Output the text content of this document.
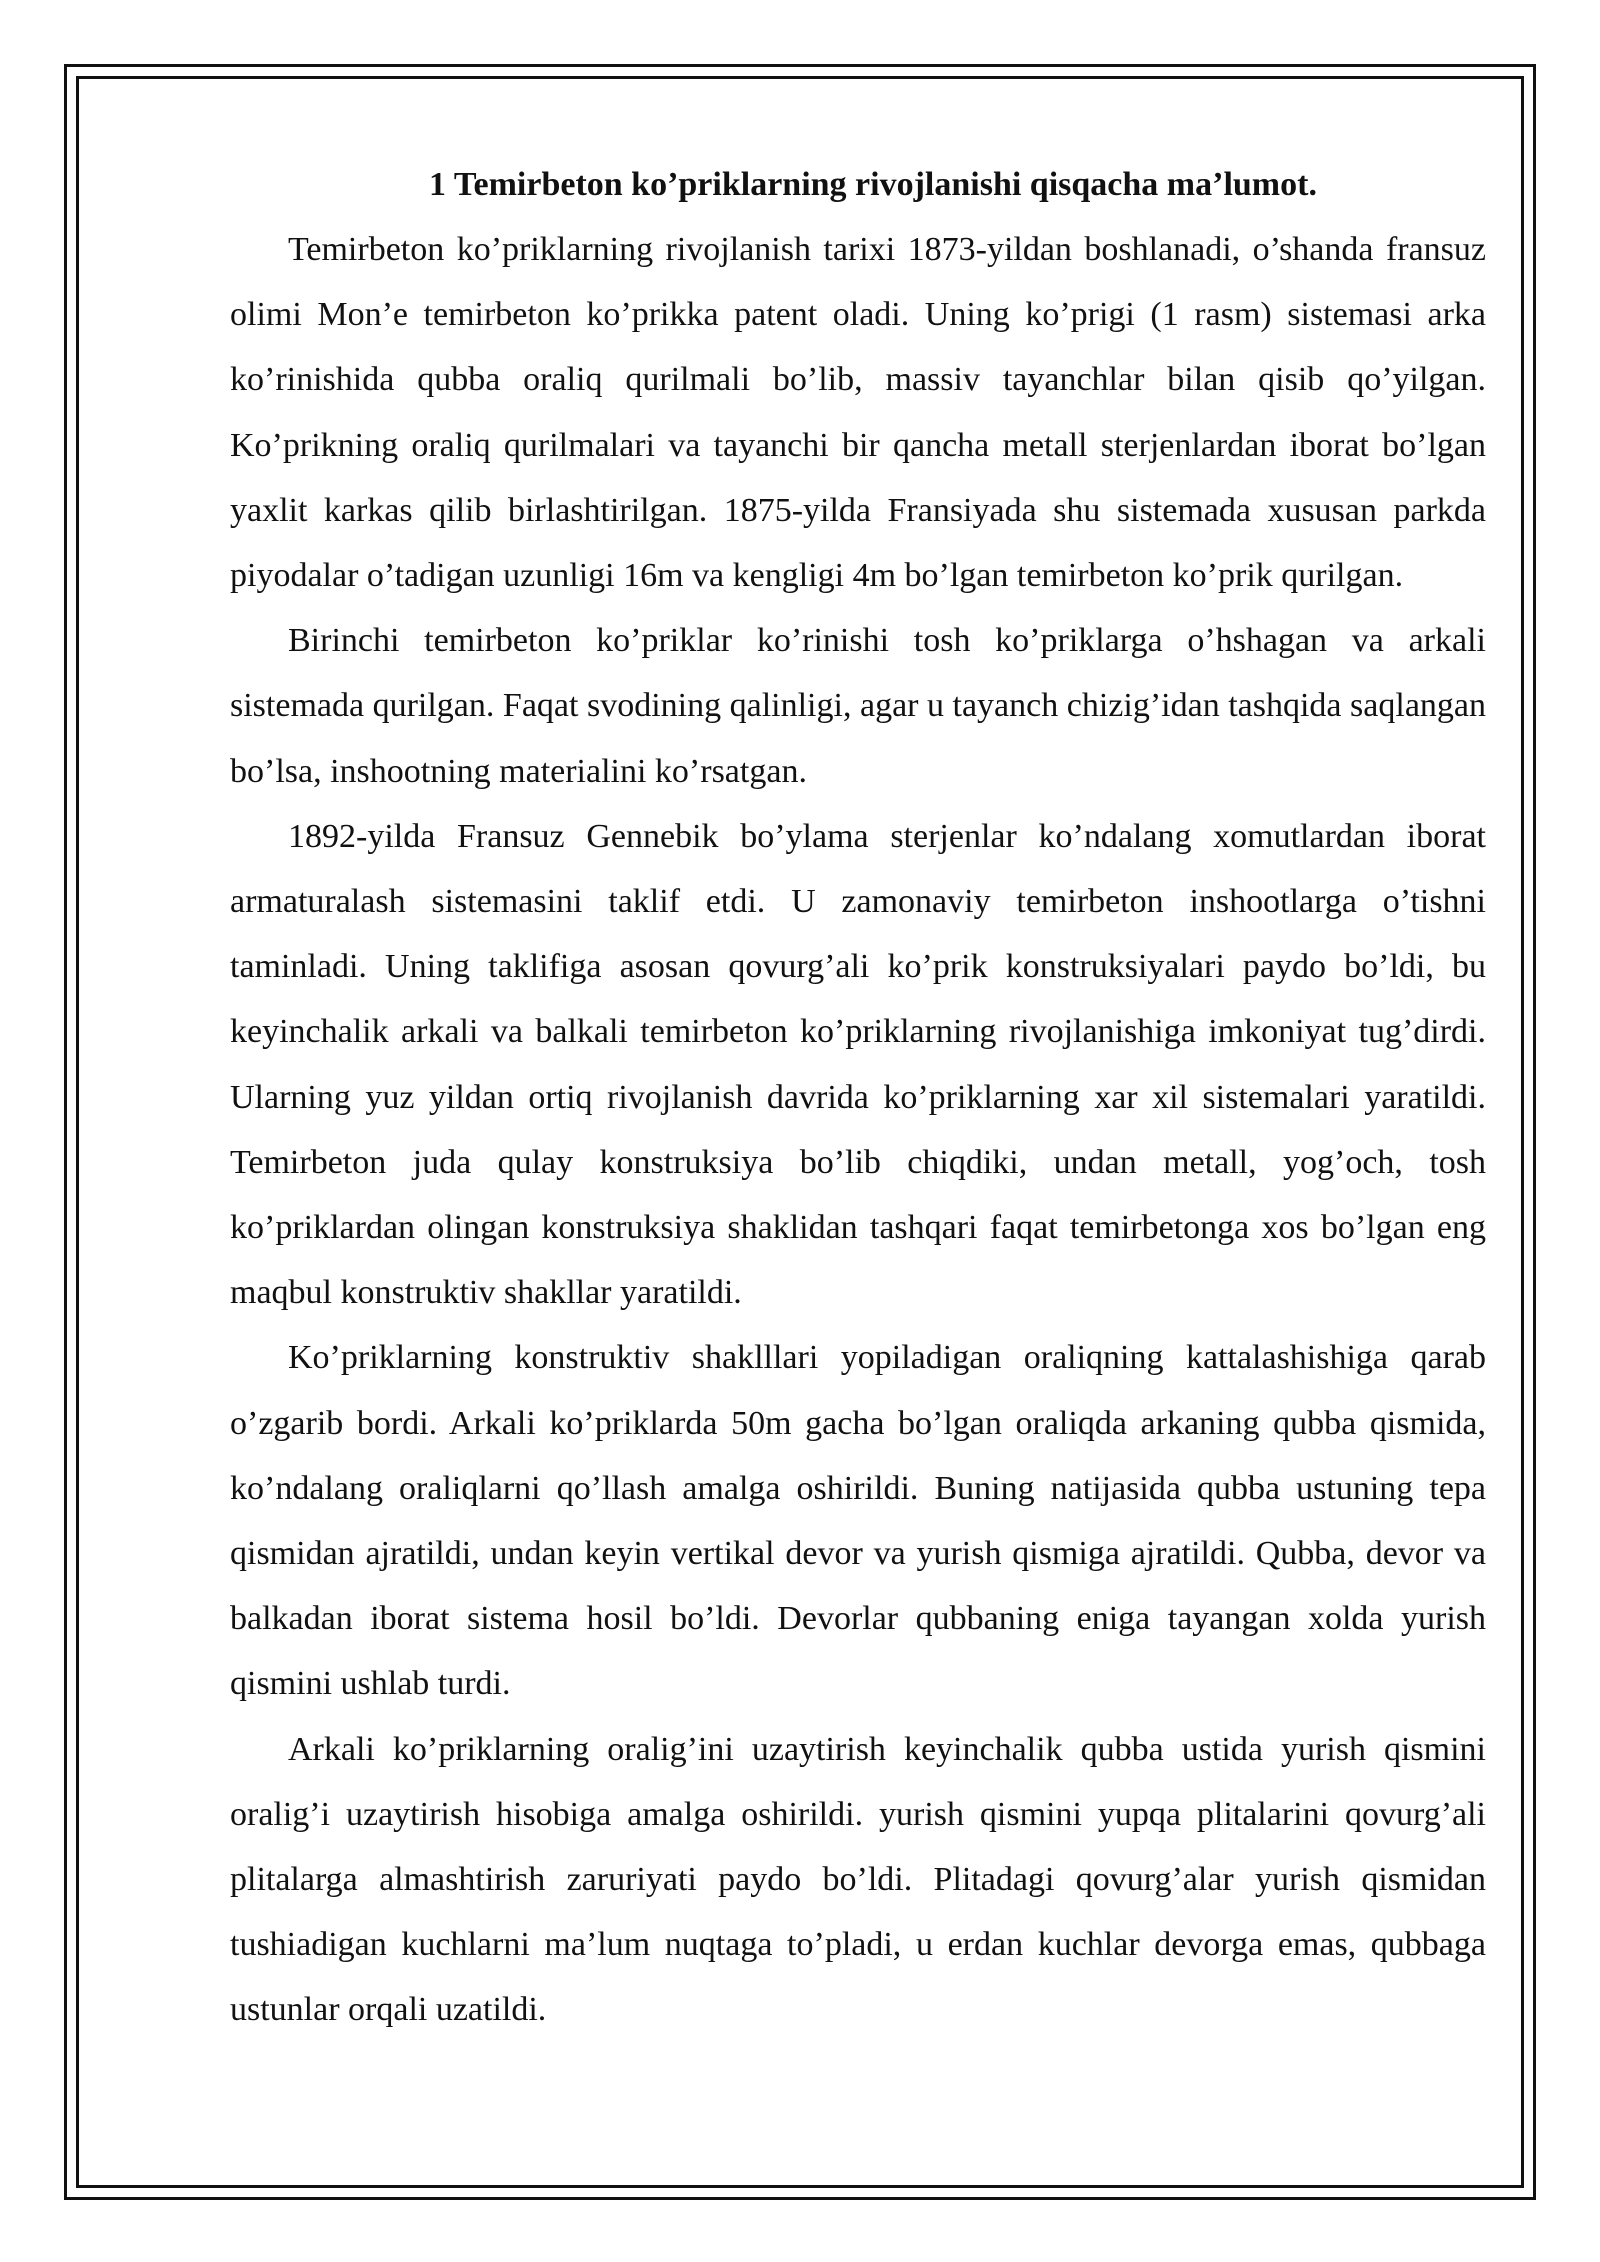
1 Temirbeton ko’priklarning rivojlanishi qisqacha ma’lumot.

Temirbeton ko’priklarning rivojlanish tarixi 1873-yildan boshlanadi, o’shanda fransuz olimi Mon’e temirbeton ko’prikka patent oladi. Uning ko’prigi (1 rasm) sistemasi arka ko’rinishida qubba oraliq qurilmali bo’lib, massiv tayanchlar bilan qisib qo’yilgan. Ko’prikning oraliq qurilmalari va tayanchi bir qancha metall sterjenlardan iborat bo’lgan yaxlit karkas qilib birlashtirilgan. 1875-yilda Fransiyada shu sistemada xususan parkda piyodalar o’tadigan uzunligi 16m va kengligi 4m bo’lgan temirbeton ko’prik qurilgan.

Birinchi temirbeton ko’priklar ko’rinishi tosh ko’priklarga o’hshagan va arkali sistemada qurilgan. Faqat svodining qalinligi, agar u tayanch chizig’idan tashqida saqlangan bo’lsa, inshootning materialini ko’rsatgan.

1892-yilda Fransuz Gennebik bo’ylama sterjenlar ko’ndalang xomutlardan iborat armaturalash sistemasini taklif etdi. U zamonaviy temirbeton inshootlarga o’tishni taminladi. Uning taklifiga asosan qovurg’ali ko’prik konstruksiyalari paydo bo’ldi, bu keyinchalik arkali va balkali temirbeton ko’priklarning rivojlanishiga imkoniyat tug’dirdi. Ularning yuz yildan ortiq rivojlanish davrida ko’priklarning xar xil sistemalari yaratildi. Temirbeton juda qulay konstruksiya bo’lib chiqdiki, undan metall, yog’och, tosh ko’priklardan olingan konstruksiya shaklidan tashqari faqat temirbetonga xos bo’lgan eng maqbul konstruktiv shakllar yaratildi.

Ko’priklarning konstruktiv shaklllari yopiladigan oraliqning kattalashishiga qarab o’zgarib bordi. Arkali ko’priklarda 50m gacha bo’lgan oraliqda arkaning qubba qismida, ko’ndalang oraliqlarni qo’llash amalga oshirildi. Buning natijasida qubba ustuning tepa qismidan ajratildi, undan keyin vertikal devor va yurish qismiga ajratildi. Qubba, devor va balkadan iborat sistema hosil bo’ldi. Devorlar qubbaning eniga tayangan xolda yurish qismini ushlab turdi.

Arkali ko’priklarning oralig’ini uzaytirish keyinchalik qubba ustida yurish qismini oralig’i uzaytirish hisobiga amalga oshirildi. yurish qismini yupqa plitalarini qovurg’ali plitalarga almashtirish zaruriyati paydo bo’ldi. Plitadagi qovurg’alar yurish qismidan tushiadigan kuchlarni ma’lum nuqtaga to’pladi, u erdan kuchlar devorga emas, qubbaga ustunlar orqali uzatildi.
